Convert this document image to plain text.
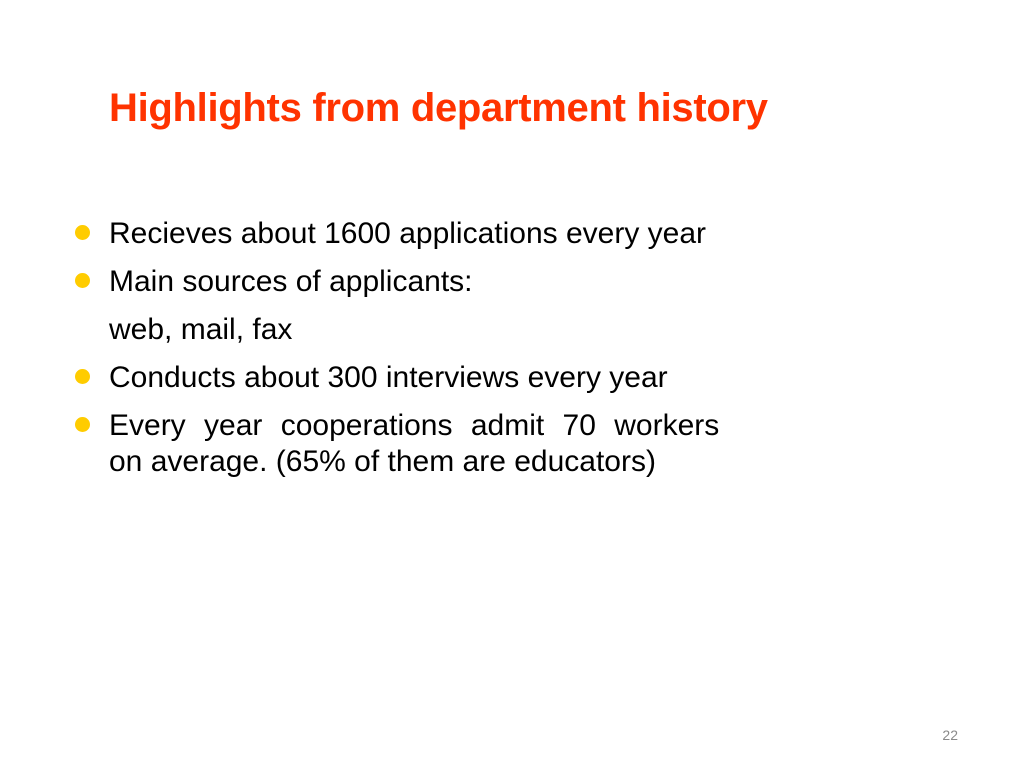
Highlights from department history
Recieves about 1600 applications every year
Main sources of applicants:
web, mail, fax
Conducts about 300 interviews every year
Every year cooperations admit 70 workers
on average. (65% of them are educators)
22
